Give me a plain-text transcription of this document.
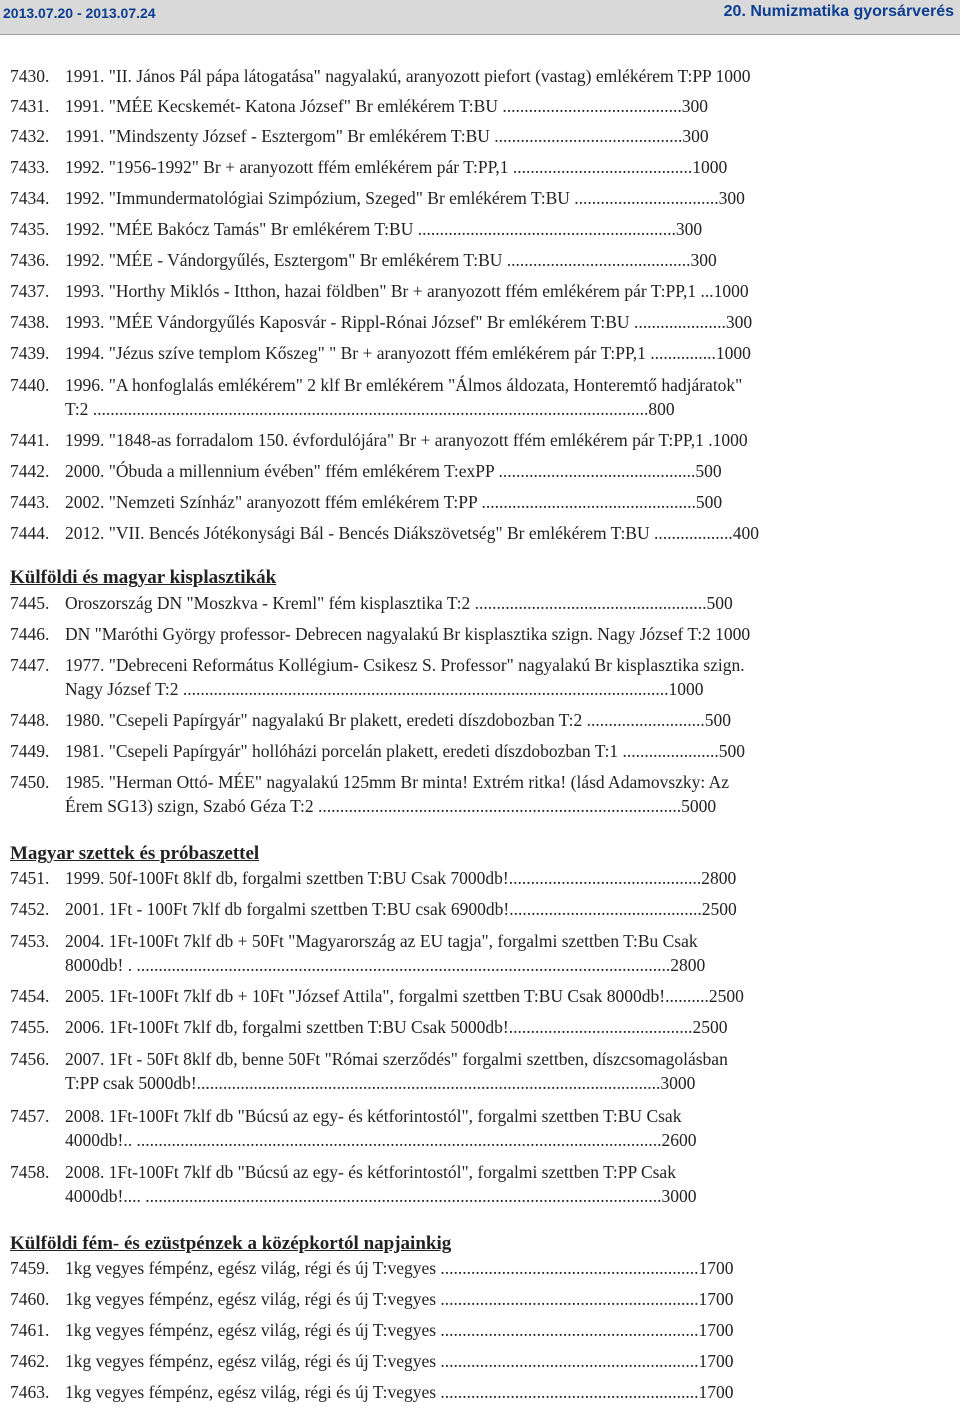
2013.07.20 - 2013.07.24	20. Numizmatika gyorsárverés
7430. 1991. "II. János Pál pápa látogatása" nagyalakú, aranyozott piefort (vastag) emlékérem T:PP 1000
7431. 1991. "MÉE Kecskemét- Katona József" Br emlékérem T:BU .........................................300
7432. 1991. "Mindszenty József - Esztergom" Br emlékérem T:BU ...........................................300
7433. 1992. "1956-1992" Br + aranyozott ffém emlékérem pár T:PP,1 .........................................1000
7434. 1992. "Immundermatológiai Szimpózium, Szeged" Br emlékérem T:BU .................................300
7435. 1992. "MÉE Bakócz Tamás" Br emlékérem T:BU ...........................................................300
7436. 1992. "MÉE - Vándorgyűlés, Esztergom" Br emlékérem T:BU ..........................................300
7437. 1993. "Horthy Miklós - Itthon, hazai földben" Br + aranyozott ffém emlékérem pár T:PP,1 ...1000
7438. 1993. "MÉE Vándorgyűlés Kaposvár - Rippl-Rónai József" Br emlékérem T:BU .....................300
7439. 1994. "Jézus szíve templom Kőszeg" " Br + aranyozott ffém emlékérem pár T:PP,1 ...............1000
7440. 1996. "A honfoglalás emlékérem" 2 klf Br emlékérem "Álmos áldozata, Honteremtő hadjáratok"
T:2 ...............................................................................................................................800
7441. 1999. "1848-as forradalom 150. évfordulójára" Br + aranyozott ffém emlékérem pár T:PP,1 .1000
7442. 2000. "Óbuda a millennium évében" ffém emlékérem T:exPP .............................................500
7443. 2002. "Nemzeti Színház" aranyozott ffém emlékérem T:PP .................................................500
7444. 2012. "VII. Bencés Jótékonysági Bál - Bencés Diákszövetség" Br emlékérem T:BU ..................400
Külföldi és magyar kisplasztikák
7445. Oroszország DN "Moszkva - Kreml" fém kisplasztika T:2 .....................................................500
7446. DN "Maróthi György professor- Debrecen nagyalakú Br kisplasztika szign. Nagy József T:2 1000
7447. 1977. "Debreceni Református Kollégium- Csikesz S. Professor" nagyalakú Br kisplasztika szign.
Nagy József T:2 ...............................................................................................................1000
7448. 1980. "Csepeli Papírgyár" nagyalakú Br plakett, eredeti díszdobozban T:2 ...........................500
7449. 1981. "Csepeli Papírgyár" hollóházi porcelán plakett, eredeti díszdobozban T:1 ......................500
7450. 1985. "Herman Ottó- MÉE" nagyalakú 125mm Br minta! Extrém ritka! (lásd Adamovszky: Az
Érem SG13) szign, Szabó Géza T:2 ...................................................................................5000
Magyar szettek és próbaszettel
7451. 1999. 50f-100Ft 8klf db, forgalmi szettben T:BU Csak 7000db!............................................2800
7452. 2001. 1Ft - 100Ft 7klf db forgalmi szettben T:BU csak 6900db!............................................2500
7453. 2004. 1Ft-100Ft 7klf db + 50Ft "Magyarország az EU tagja", forgalmi szettben T:Bu Csak
8000db! . ..........................................................................................................................2800
7454. 2005. 1Ft-100Ft 7klf db + 10Ft "József Attila", forgalmi szettben T:BU Csak 8000db!..........2500
7455. 2006. 1Ft-100Ft 7klf db, forgalmi szettben T:BU Csak 5000db!..........................................2500
7456. 2007. 1Ft - 50Ft 8klf db, benne 50Ft "Római szerződés" forgalmi szettben, díszcsomagolásban
T:PP csak 5000db!..........................................................................................................3000
7457. 2008. 1Ft-100Ft 7klf db "Búcsú az egy- és kétforintostól", forgalmi szettben T:BU Csak
4000db!.. ........................................................................................................................2600
7458. 2008. 1Ft-100Ft 7klf db "Búcsú az egy- és kétforintostól", forgalmi szettben T:PP Csak
4000db!.... ......................................................................................................................3000
Külföldi fém- és ezüstpénzek a középkortól napjainkig
7459. 1kg vegyes fémpénz, egész világ, régi és új T:vegyes ...........................................................1700
7460. 1kg vegyes fémpénz, egész világ, régi és új T:vegyes ...........................................................1700
7461. 1kg vegyes fémpénz, egész világ, régi és új T:vegyes ...........................................................1700
7462. 1kg vegyes fémpénz, egész világ, régi és új T:vegyes ...........................................................1700
7463. 1kg vegyes fémpénz, egész világ, régi és új T:vegyes ...........................................................1700
